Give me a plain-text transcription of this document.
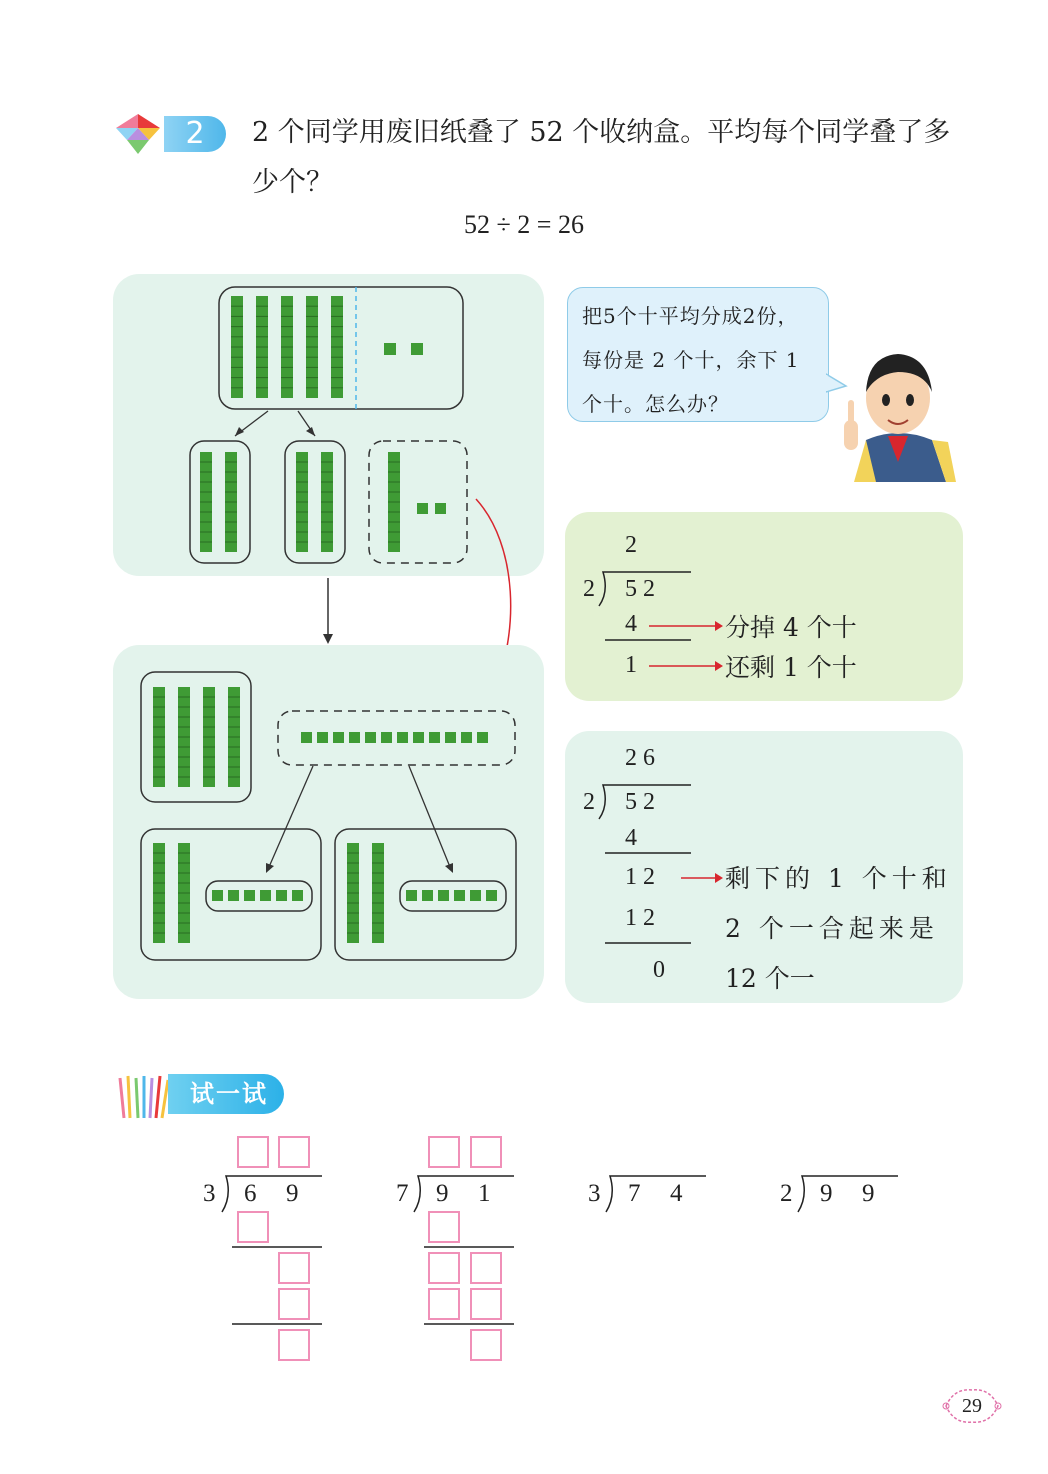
2	2 个同学用废旧纸叠了 52 个收纳盒。平均每个同学叠了多少个？
52 ÷ 2 = 26
把5个十平均分成2份，
每份是 2 个十，余下 1
个十。怎么办？
2
2 5 2
4
1
分掉 4 个十
还剩 1 个十
2 6
2 5 2
4
1 2
1 2
0
剩下的 1 个十和
2 个一合起来是
12 个一
试一试
3 6 9	7 9 1	3 7 4	2 9 9
29
